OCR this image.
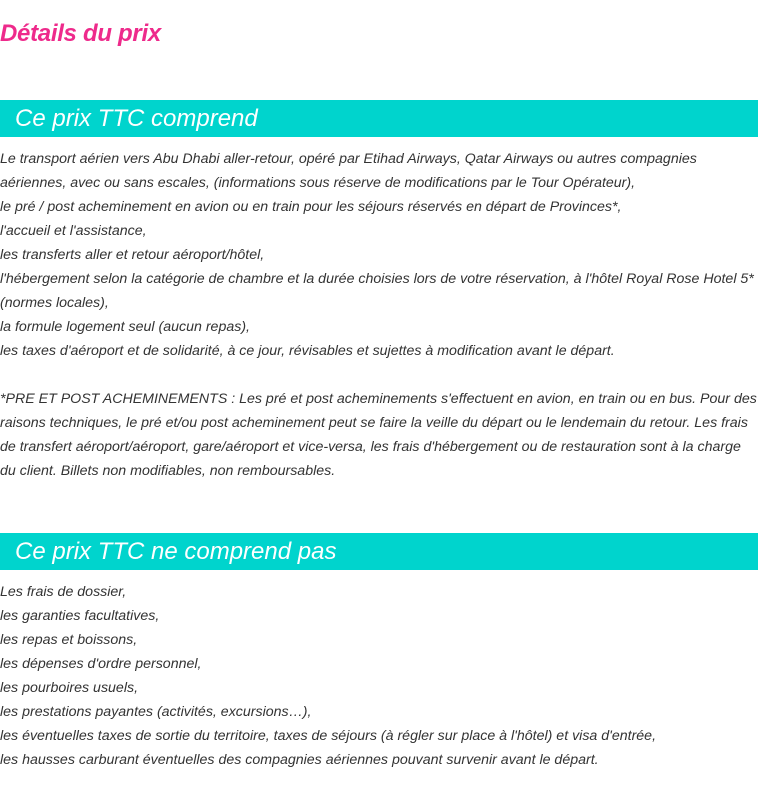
Détails du prix
Ce prix TTC comprend

Le transport aérien vers Abu Dhabi aller-retour, opéré par Etihad Airways, Qatar Airways ou autres compagnies aériennes, avec ou sans escales, (informations sous réserve de modifications par le Tour Opérateur),

le pré / post acheminement en avion ou en train pour les séjours réservés en départ de Provinces*,

l'accueil et l'assistance,

les transferts aller et retour aéroport/hôtel,

l'hébergement selon la catégorie de chambre et la durée choisies lors de votre réservation, à l'hôtel Royal Rose Hotel 5* (normes locales),

la formule logement seul (aucun repas),

les taxes d'aéroport et de solidarité, à ce jour, révisables et sujettes à modification avant le départ.

*PRE ET POST ACHEMINEMENTS : Les pré et post acheminements s'effectuent en avion, en train ou en bus. Pour des raisons techniques, le pré et/ou post acheminement peut se faire la veille du départ ou le lendemain du retour. Les frais de transfert aéroport/aéroport, gare/aéroport et vice-versa, les frais d'hébergement ou de restauration sont à la charge du client. Billets non modifiables, non remboursables.

Ce prix TTC ne comprend pas

Les frais de dossier,

les garanties facultatives,

les repas et boissons,

les dépenses d'ordre personnel,

les pourboires usuels,

les prestations payantes (activités, excursions…),

les éventuelles taxes de sortie du territoire, taxes de séjours (à régler sur place à l'hôtel) et visa d'entrée,

les hausses carburant éventuelles des compagnies aériennes pouvant survenir avant le départ.
